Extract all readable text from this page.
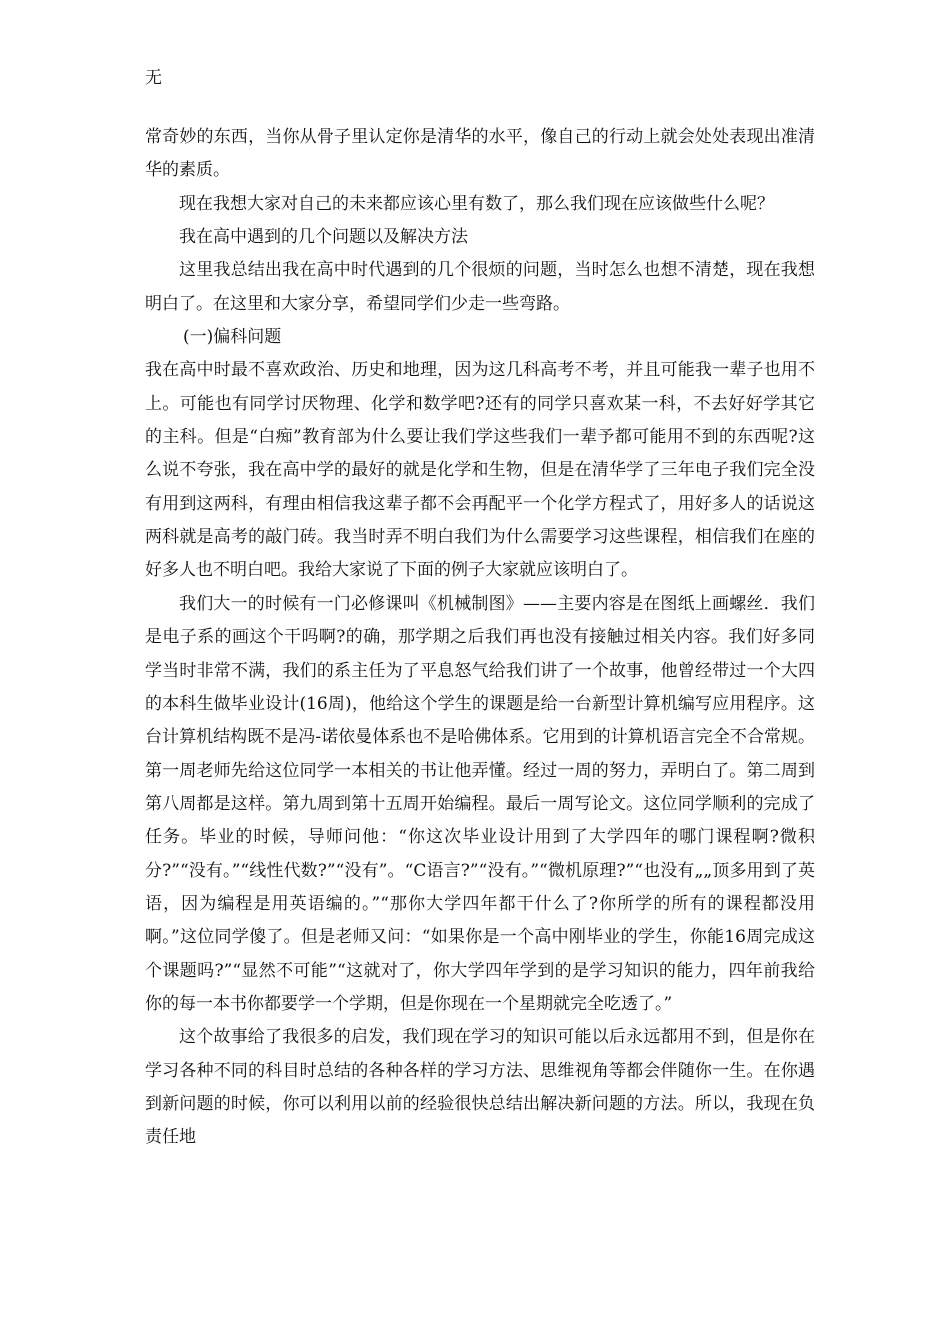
无

常奇妙的东西，当你从骨子里认定你是清华的水平，像自己的行动上就会处处表现出准清华的素质。

现在我想大家对自己的未来都应该心里有数了，那么我们现在应该做些什么呢？

我在高中遇到的几个问题以及解决方法

这里我总结出我在高中时代遇到的几个很烦的问题，当时怎么也想不清楚，现在我想明白了。在这里和大家分享，希望同学们少走一些弯路。

(一)偏科问题

我在高中时最不喜欢政治、历史和地理，因为这几科高考不考，并且可能我一辈子也用不上。可能也有同学讨厌物理、化学和数学吧?还有的同学只喜欢某一科，不去好好学其它的主科。但是“白痴”教育部为什么要让我们学这些我们一辈予都可能用不到的东西呢?这么说不夸张，我在高中学的最好的就是化学和生物，但是在清华学了三年电子我们完全没有用到这两科，有理由相信我这辈子都不会再配平一个化学方程式了，用好多人的话说这两科就是高考的敲门砖。我当时弄不明白我们为什么需要学习这些课程，相信我们在座的好多人也不明白吧。我给大家说了下面的例子大家就应该明白了。

我们大一的时候有一门必修课叫《机械制图》——主要内容是在图纸上画螺丝．我们是电子系的画这个干吗啊?的确，那学期之后我们再也没有接触过相关内容。我们好多同学当时非常不满，我们的系主任为了平息怒气给我们讲了一个故事，他曾经带过一个大四的本科生做毕业设计(16周)，他给这个学生的课题是给一台新型计算机编写应用程序。这台计算机结构既不是冯-诺依曼体系也不是哈佛体系。它用到的计算机语言完全不合常规。第一周老师先给这位同学一本相关的书让他弄懂。经过一周的努力，弄明白了。第二周到第八周都是这样。第九周到第十五周开始编程。最后一周写论文。这位同学顺利的完成了任务。毕业的时候，导师问他：“你这次毕业设计用到了大学四年的哪门课程啊?微积分?”“没有。”“线性代数?”“没有”。“C语言?”“没有。”“微机原理?”“也没有„„顶多用到了英语，因为编程是用英语编的。”“那你大学四年都干什么了?你所学的所有的课程都没用啊。”这位同学傻了。但是老师又问：“如果你是一个高中刚毕业的学生，你能16周完成这个课题吗?”“显然不可能”“这就对了，你大学四年学到的是学习知识的能力，四年前我给你的每一本书你都要学一个学期，但是你现在一个星期就完全吃透了。”

这个故事给了我很多的启发，我们现在学习的知识可能以后永远都用不到，但是你在学习各种不同的科目时总结的各种各样的学习方法、思维视角等都会伴随你一生。在你遇到新问题的时候，你可以利用以前的经验很快总结出解决新问题的方法。所以，我现在负责任地
